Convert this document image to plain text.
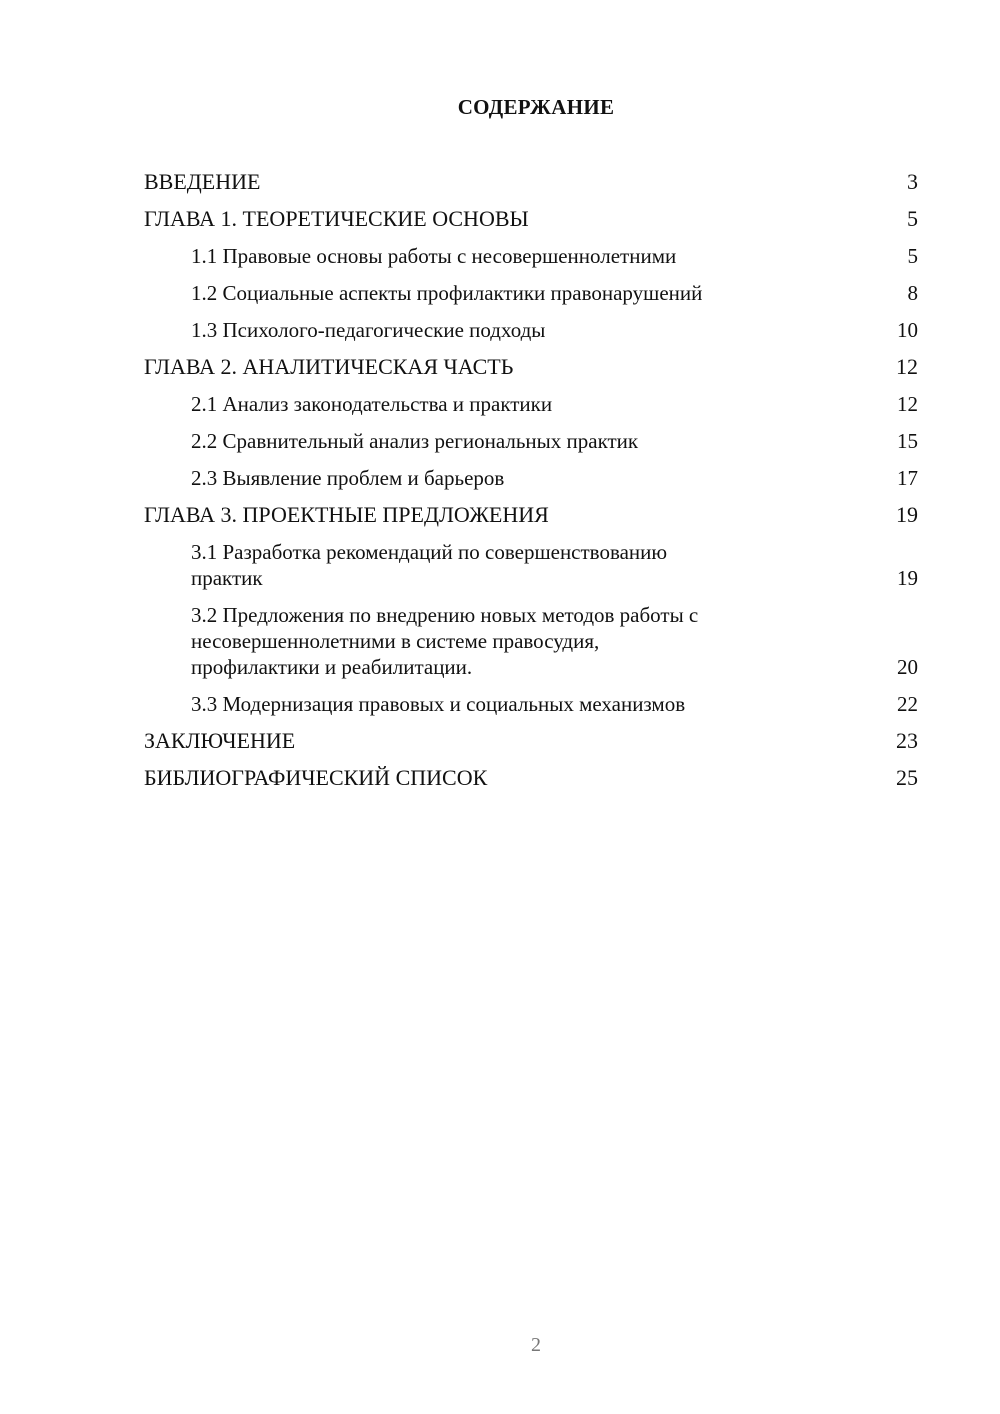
СОДЕРЖАНИЕ
ВВЕДЕНИЕ	3
ГЛАВА 1. ТЕОРЕТИЧЕСКИЕ ОСНОВЫ	5
1.1 Правовые основы работы с несовершеннолетними	5
1.2 Социальные аспекты профилактики правонарушений	8
1.3 Психолого-педагогические подходы	10
ГЛАВА 2. АНАЛИТИЧЕСКАЯ ЧАСТЬ	12
2.1 Анализ законодательства и практики	12
2.2 Сравнительный анализ региональных практик	15
2.3 Выявление проблем и барьеров	17
ГЛАВА 3. ПРОЕКТНЫЕ ПРЕДЛОЖЕНИЯ	19
3.1 Разработка рекомендаций по совершенствованию
практик	19
3.2 Предложения по внедрению новых методов работы с
несовершеннолетними в системе правосудия,
профилактики и реабилитации.	20
3.3 Модернизация правовых и социальных механизмов	22
ЗАКЛЮЧЕНИЕ	23
БИБЛИОГРАФИЧЕСКИЙ СПИСОК	25
2
